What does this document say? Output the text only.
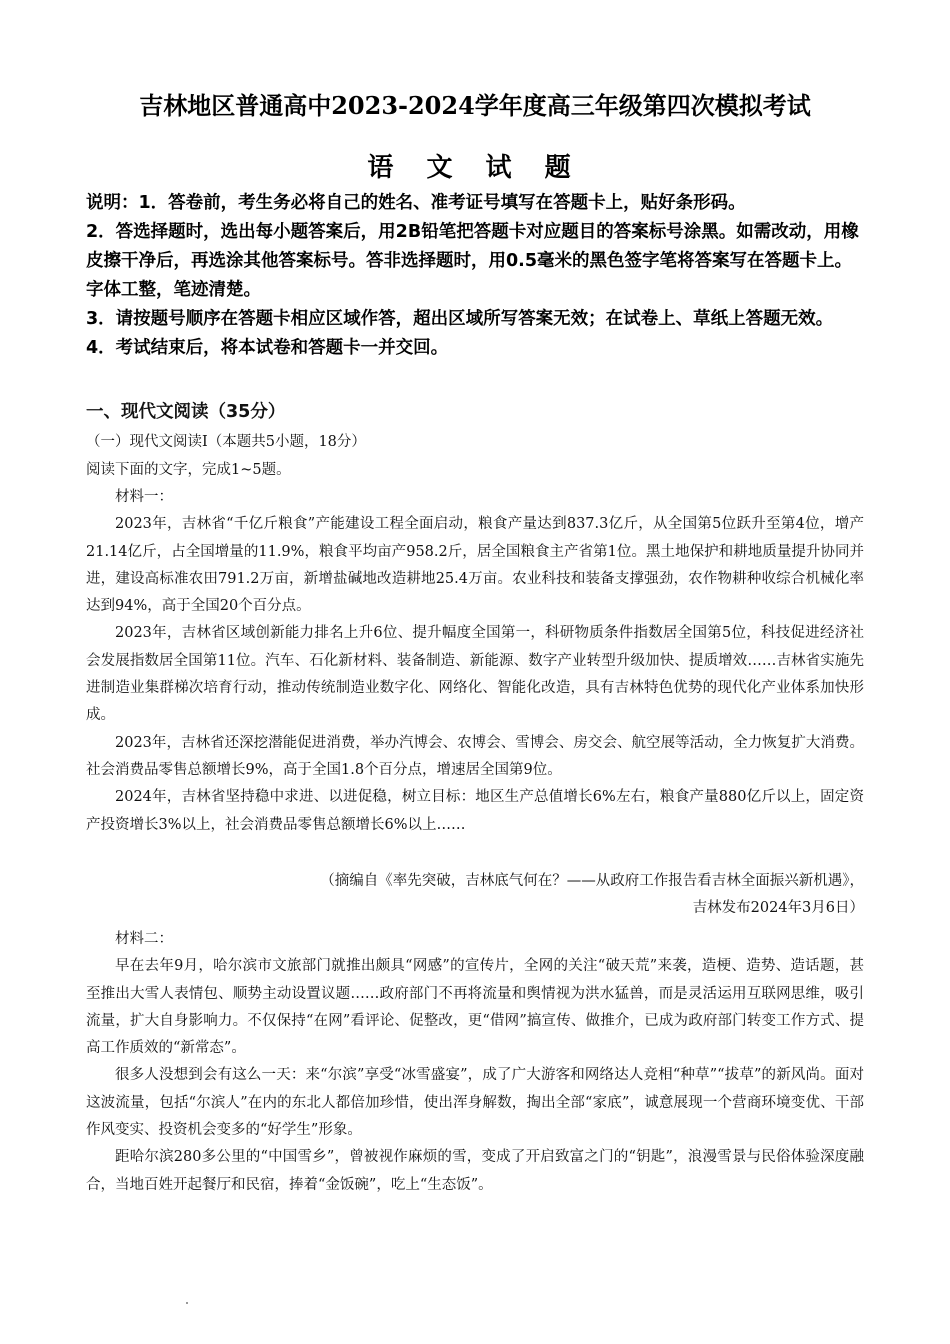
吉林地区普通高中2023-2024学年度高三年级第四次模拟考试
语 文 试 题

说明：1．答卷前，考生务必将自己的姓名、准考证号填写在答题卡上，贴好条形码。

2．答选择题时，选出每小题答案后，用2B铅笔把答题卡对应题目的答案标号涂黑。如需改动，用橡皮擦干净后，再选涂其他答案标号。答非选择题时，用0.5毫米的黑色签字笔将答案写在答题卡上。字体工整，笔迹清楚。

3．请按题号顺序在答题卡相应区域作答，超出区域所写答案无效；在试卷上、草纸上答题无效。

4．考试结束后，将本试卷和答题卡一并交回。

一、现代文阅读（35分）
（一）现代文阅读Ⅰ（本题共5小题，18分）
阅读下面的文字，完成1~5题。

材料一：

2023年，吉林省“千亿斤粮食”产能建设工程全面启动，粮食产量达到837.3亿斤，从全国第5位跃升至第4位，增产21.14亿斤，占全国增量的11.9%，粮食平均亩产958.2斤，居全国粮食主产省第1位。黑土地保护和耕地质量提升协同并进，建设高标准农田791.2万亩，新增盐碱地改造耕地25.4万亩。农业科技和装备支撑强劲，农作物耕种收综合机械化率达到94%，高于全国20个百分点。

2023年，吉林省区域创新能力排名上升6位、提升幅度全国第一，科研物质条件指数居全国第5位，科技促进经济社会发展指数居全国第11位。汽车、石化新材料、装备制造、新能源、数字产业转型升级加快、提质增效……吉林省实施先进制造业集群梯次培育行动，推动传统制造业数字化、网络化、智能化改造，具有吉林特色优势的现代化产业体系加快形成。

2023年，吉林省还深挖潜能促进消费，举办汽博会、农博会、雪博会、房交会、航空展等活动，全力恢复扩大消费。社会消费品零售总额增长9%，高于全国1.8个百分点，增速居全国第9位。

2024年，吉林省坚持稳中求进、以进促稳，树立目标：地区生产总值增长6%左右，粮食产量880亿斤以上，固定资产投资增长3%以上，社会消费品零售总额增长6%以上……

（摘编自《率先突破，吉林底气何在？——从政府工作报告看吉林全面振兴新机遇》，
吉林发布2024年3月6日）

材料二：

早在去年9月，哈尔滨市文旅部门就推出颇具“网感”的宣传片，全网的关注“破天荒”来袭，造梗、造势、造话题，甚至推出大雪人表情包、顺势主动设置议题……政府部门不再将流量和舆情视为洪水猛兽，而是灵活运用互联网思维，吸引流量，扩大自身影响力。不仅保持“在网”看评论、促整改，更“借网”搞宣传、做推介，已成为政府部门转变工作方式、提高工作质效的“新常态”。

很多人没想到会有这么一天：来“尔滨”享受“冰雪盛宴”，成了广大游客和网络达人竞相“种草”“拔草”的新风尚。面对这波流量，包括“尔滨人”在内的东北人都倍加珍惜，使出浑身解数，掏出全部“家底”，诚意展现一个营商环境变优、干部作风变实、投资机会变多的“好学生”形象。

距哈尔滨280多公里的“中国雪乡”，曾被视作麻烦的雪，变成了开启致富之门的“钥匙”，浪漫雪景与民俗体验深度融合，当地百姓开起餐厅和民宿，捧着“金饭碗”，吃上“生态饭”。
